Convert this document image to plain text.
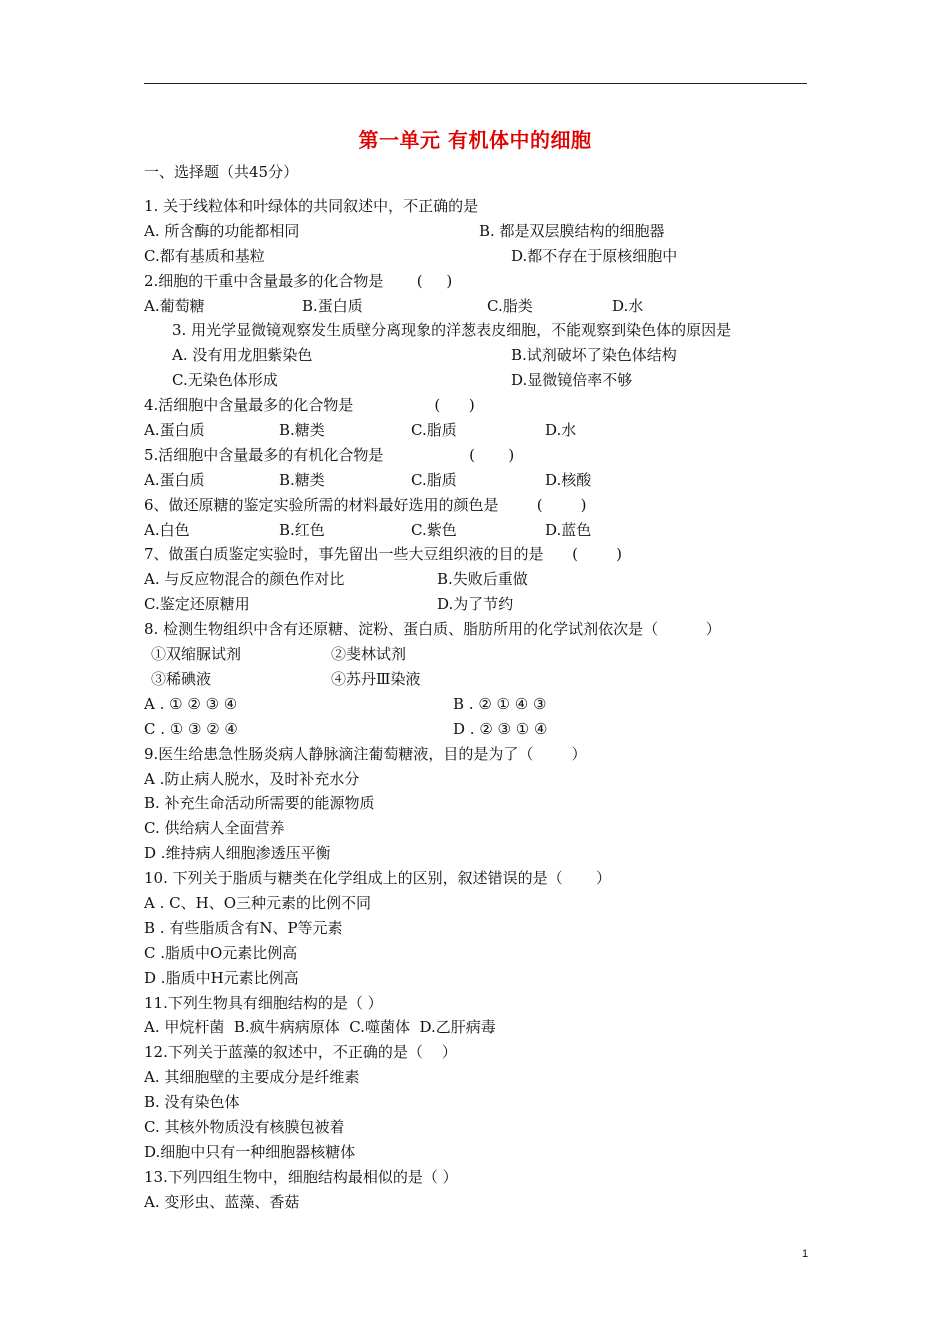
第一单元 有机体中的细胞
一、选择题（共45分）
1. 关于线粒体和叶绿体的共同叙述中，不正确的是
A. 所含酶的功能都相同	B. 都是双层膜结构的细胞器
C.都有基质和基粒	D.都不存在于原核细胞中
2.细胞的干重中含量最多的化合物是       (     )
A.葡萄糖	B.蛋白质	C.脂类	D.水
3. 用光学显微镜观察发生质壁分离现象的洋葱表皮细胞，不能观察到染色体的原因是
A. 没有用龙胆紫染色	B.试剂破坏了染色体结构
C.无染色体形成	D.显微镜倍率不够
4.活细胞中含量最多的化合物是                 (      )
A.蛋白质	B.糖类	C.脂质	D.水
5.活细胞中含量最多的有机化合物是                  (       )
A.蛋白质	B.糖类	C.脂质	D.核酸
6、做还原糖的鉴定实验所需的材料最好选用的颜色是        (        )
A.白色	B.红色	C.紫色	D.蓝色
7、做蛋白质鉴定实验时，事先留出一些大豆组织液的目的是      (        )
A. 与反应物混合的颜色作对比	B.失败后重做
C.鉴定还原糖用	D.为了节约
8. 检测生物组织中含有还原糖、淀粉、蛋白质、脂肪所用的化学试剂依次是（          ）
①双缩脲试剂	②斐林试剂
③稀碘液	④苏丹Ⅲ染液
A . ① ② ③ ④	B . ② ① ④ ③
C . ① ③ ② ④	D . ② ③ ① ④
9.医生给患急性肠炎病人静脉滴注葡萄糖液，目的是为了（        ）
A .防止病人脱水，及时补充水分
B. 补充生命活动所需要的能源物质
C. 供给病人全面营养
D .维持病人细胞渗透压平衡
10. 下列关于脂质与糖类在化学组成上的区别，叙述错误的是（       ）
A . C、H、O三种元素的比例不同
B . 有些脂质含有N、P等元素
C .脂质中O元素比例高
D .脂质中H元素比例高
11.下列生物具有细胞结构的是（ ）
A. 甲烷杆菌  B.疯牛病病原体  C.噬菌体  D.乙肝病毒
12.下列关于蓝藻的叙述中，不正确的是（    ）
A. 其细胞壁的主要成分是纤维素
B. 没有染色体
C. 其核外物质没有核膜包被着
D.细胞中只有一种细胞器核糖体
13.下列四组生物中，细胞结构最相似的是（ ）
A. 变形虫、蓝藻、香菇
1
